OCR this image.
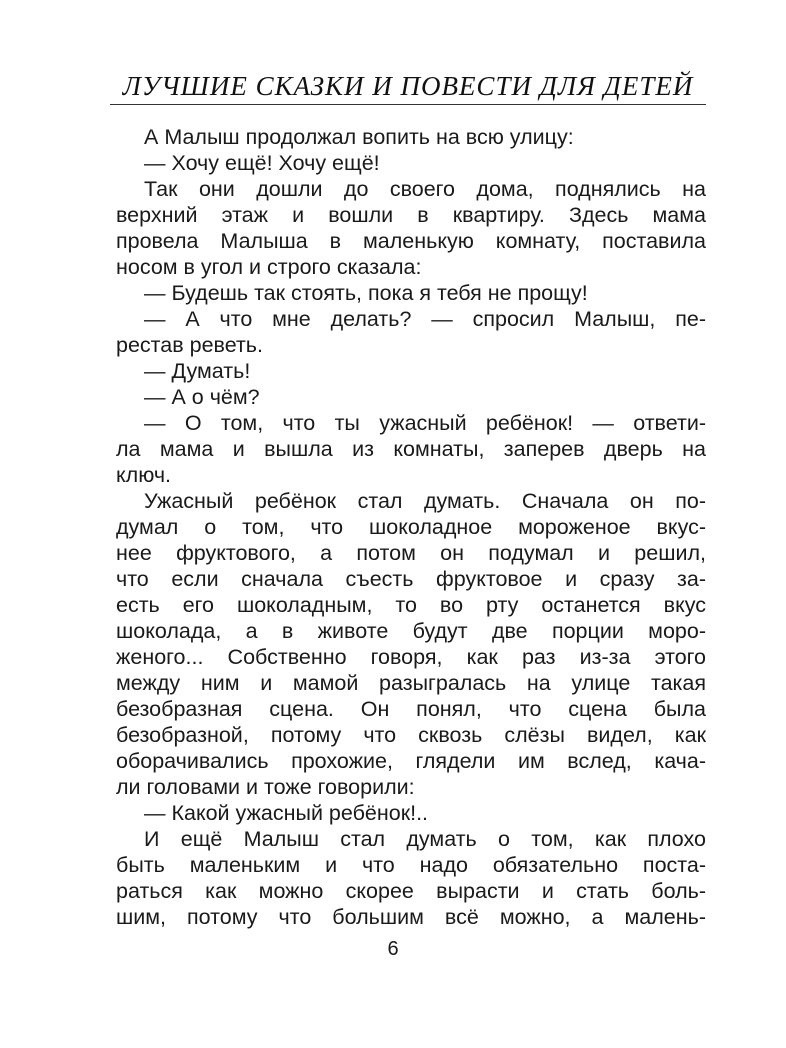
ЛУЧШИЕ СКАЗКИ И ПОВЕСТИ ДЛЯ ДЕТЕЙ
А Малыш продолжал вопить на всю улицу:
— Хочу ещё! Хочу ещё!
Так они дошли до своего дома, поднялись на
верхний этаж и вошли в квартиру. Здесь мама
провела Малыша в маленькую комнату, поставила
носом в угол и строго сказала:
— Будешь так стоять, пока я тебя не прощу!
— А что мне делать? — спросил Малыш, пе-
рестав реветь.
— Думать!
— А о чём?
— О том, что ты ужасный ребёнок! — ответи-
ла мама и вышла из комнаты, заперев дверь на
ключ.
Ужасный ребёнок стал думать. Сначала он по-
думал о том, что шоколадное мороженое вкус-
нее фруктового, а потом он подумал и решил,
что если сначала съесть фруктовое и сразу за-
есть его шоколадным, то во рту останется вкус
шоколада, а в животе будут две порции моро-
женого... Собственно говоря, как раз из-за этого
между ним и мамой разыгралась на улице такая
безобразная сцена. Он понял, что сцена была
безобразной, потому что сквозь слёзы видел, как
оборачивались прохожие, глядели им вслед, кача-
ли головами и тоже говорили:
— Какой ужасный ребёнок!..
И ещё Малыш стал думать о том, как плохо
быть маленьким и что надо обязательно поста-
раться как можно скорее вырасти и стать боль-
шим, потому что большим всё можно, а малень-
6
